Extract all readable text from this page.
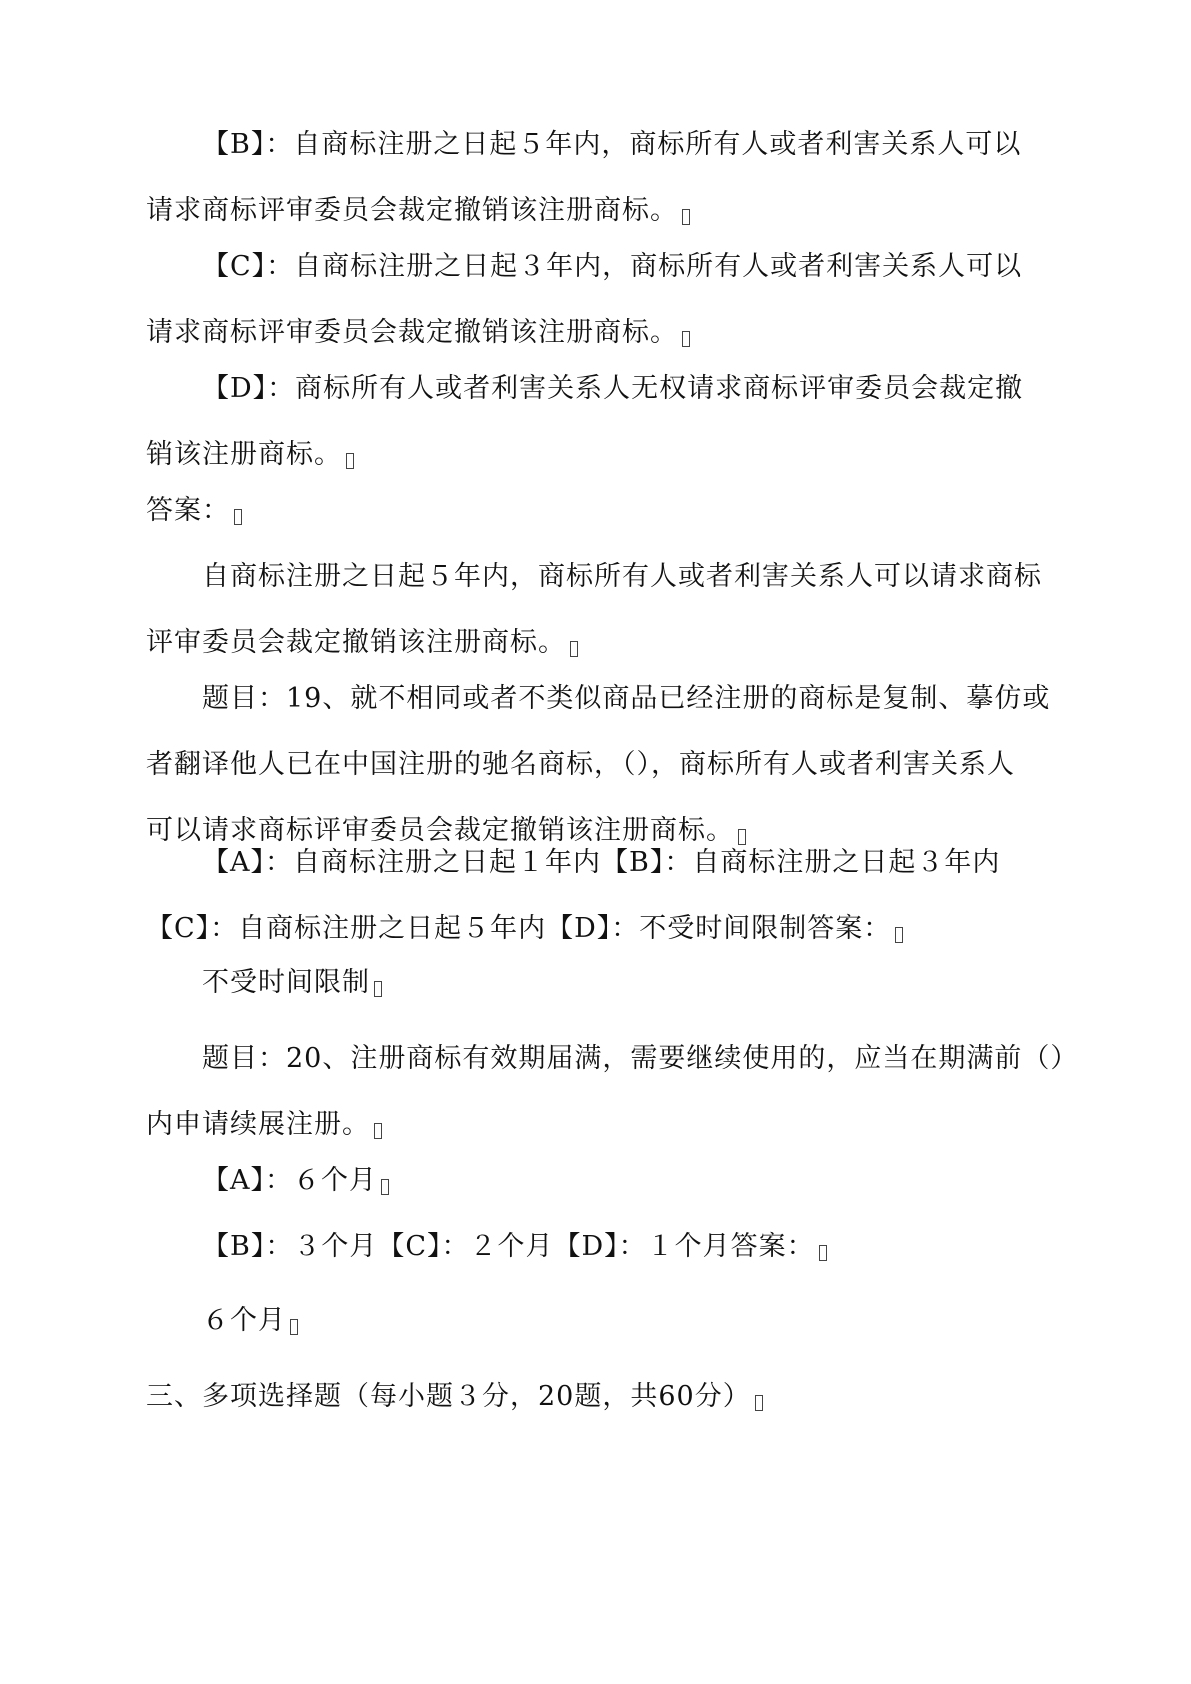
【B】：自商标注册之日起５年内，商标所有人或者利害关系人可以
请求商标评审委员会裁定撤销该注册商标。
【C】：自商标注册之日起３年内，商标所有人或者利害关系人可以
请求商标评审委员会裁定撤销该注册商标。
【D】：商标所有人或者利害关系人无权请求商标评审委员会裁定撤
销该注册商标。
答案：
自商标注册之日起５年内，商标所有人或者利害关系人可以请求商标
评审委员会裁定撤销该注册商标。
题目：19、就不相同或者不类似商品已经注册的商标是复制、摹仿或
者翻译他人已在中国注册的驰名商标，（），商标所有人或者利害关系人
可以请求商标评审委员会裁定撤销该注册商标。
【A】：自商标注册之日起１年内【B】：自商标注册之日起３年内
【C】：自商标注册之日起５年内【D】：不受时间限制答案：
不受时间限制
题目：20、注册商标有效期届满，需要继续使用的，应当在期满前（）
内申请续展注册。
【A】：６个月
【B】：３个月【C】：２个月【D】：１个月答案：
６个月
三、多项选择题（每小题３分，20题，共60分）
